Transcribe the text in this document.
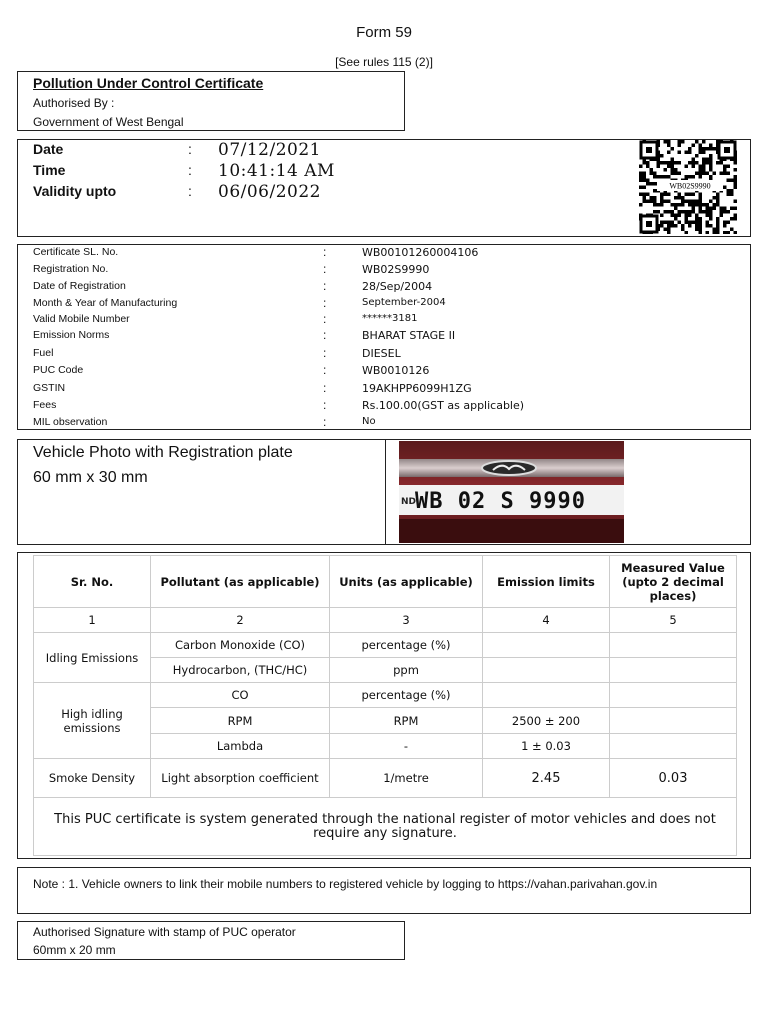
Form 59
[See rules 115 (2)]
Pollution Under Control Certificate
Authorised By :
Government of West Bengal
Date	: 07/12/2021
Time	: 10:41:14 AM
Validity upto	: 06/06/2022	WB02S9990
Certificate SL. No.	:	WB00101260004106
Registration No.	:	WB02S9990
Date of Registration	:	28/Sep/2004
Month & Year of Manufacturing	:	September-2004
Valid Mobile Number	:	******3181
Emission Norms	:	BHARAT STAGE II
Fuel	:	DIESEL
PUC Code	:	WB0010126
GSTIN	:	19AKHPP6099H1ZG
Fees	:	Rs.100.00(GST as applicable)
MIL observation	:	No
Vehicle Photo with Registration plate
60 mm x 30 mm
ND
WB 02 S 9990
Sr. No.	Pollutant (as applicable)	Units (as applicable)	Emission limits	Measured Value (upto 2 decimal places)
1	2	3	4	5
Idling Emissions	Carbon Monoxide (CO)	percentage (%)		
	Hydrocarbon, (THC/HC)	ppm		
High idling emissions	CO	percentage (%)		
	RPM	RPM	2500 ± 200	
	Lambda	-	1 ± 0.03	
Smoke Density	Light absorption coefficient	1/metre	2.45	0.03
This PUC certificate is system generated through the national register of motor vehicles and does not require any signature.				
Note : 1. Vehicle owners to link their mobile numbers to registered vehicle by logging to https://vahan.parivahan.gov.in
Authorised Signature with stamp of PUC operator
60mm x 20 mm
